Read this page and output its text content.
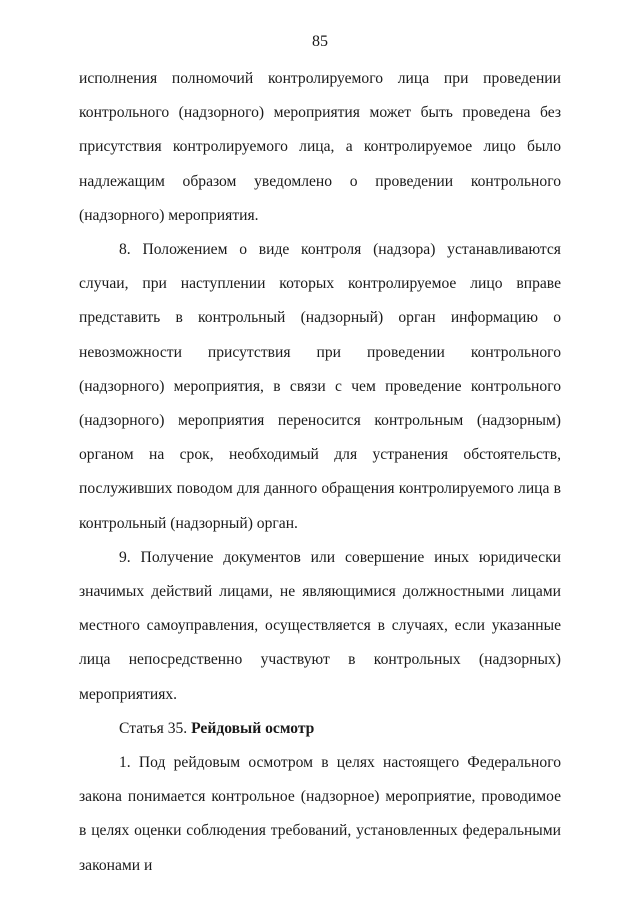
85

исполнения полномочий контролируемого лица при проведении контрольного (надзорного) мероприятия может быть проведена без присутствия контролируемого лица, а контролируемое лицо было надлежащим образом уведомлено о проведении контрольного (надзорного) мероприятия.

8. Положением о виде контроля (надзора) устанавливаются случаи, при наступлении которых контролируемое лицо вправе представить в контрольный (надзорный) орган информацию о невозможности присутствия при проведении контрольного (надзорного) мероприятия, в связи с чем проведение контрольного (надзорного) мероприятия переносится контрольным (надзорным) органом на срок, необходимый для устранения обстоятельств, послуживших поводом для данного обращения контролируемого лица в контрольный (надзорный) орган.

9. Получение документов или совершение иных юридически значимых действий лицами, не являющимися должностными лицами местного самоуправления, осуществляется в случаях, если указанные лица непосредственно участвуют в контрольных (надзорных) мероприятиях.

Статья 35. Рейдовый осмотр

1. Под рейдовым осмотром в целях настоящего Федерального закона понимается контрольное (надзорное) мероприятие, проводимое в целях оценки соблюдения требований, установленных федеральными законами и
